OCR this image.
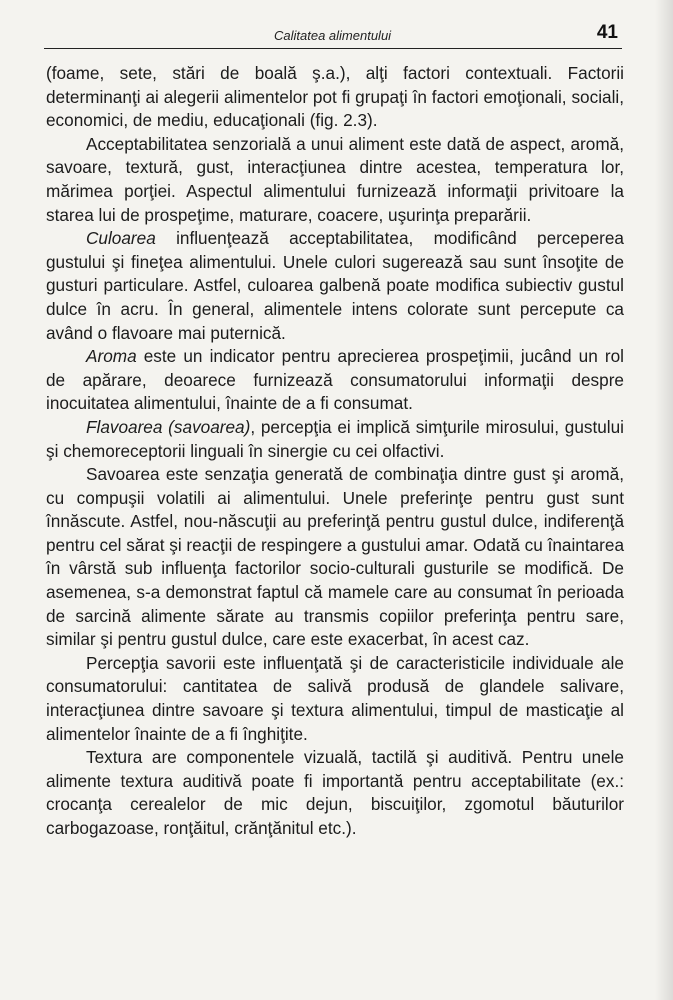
Calitatea alimentului	41

(foame, sete, stări de boală ş.a.), alţi factori contextuali. Factorii determinanţi ai alegerii alimentelor pot fi grupaţi în factori emoţionali, sociali, economici, de mediu, educaţionali (fig. 2.3).

Acceptabilitatea senzorială a unui aliment este dată de aspect, aromă, savoare, textură, gust, interacţiunea dintre acestea, temperatura lor, mărimea porţiei. Aspectul alimentului furnizează informaţii privitoare la starea lui de prospeţime, maturare, coacere, uşurinţa preparării.

Culoarea influenţează acceptabilitatea, modificând perceperea gustului şi fineţea alimentului. Unele culori sugerează sau sunt însoţite de gusturi particulare. Astfel, culoarea galbenă poate modifica subiectiv gustul dulce în acru. În general, alimentele intens colorate sunt percepute ca având o flavoare mai puternică.

Aroma este un indicator pentru aprecierea prospeţimii, jucând un rol de apărare, deoarece furnizează consumatorului informaţii despre inocuitatea alimentului, înainte de a fi consumat.

Flavoarea (savoarea), percepţia ei implică simţurile mirosului, gustului şi chemoreceptorii linguali în sinergie cu cei olfactivi.

Savoarea este senzaţia generată de combinaţia dintre gust şi aromă, cu compuşii volatili ai alimentului. Unele preferinţe pentru gust sunt înnăscute. Astfel, nou-născuţii au preferinţă pentru gustul dulce, indiferenţă pentru cel sărat şi reacţii de respingere a gustului amar. Odată cu înaintarea în vârstă sub influenţa factorilor socio-culturali gusturile se modifică. De asemenea, s-a demonstrat faptul că mamele care au consumat în perioada de sarcină alimente sărate au transmis copiilor preferinţa pentru sare, similar şi pentru gustul dulce, care este exacerbat, în acest caz.

Percepţia savorii este influenţată şi de caracteristicile individuale ale consumatorului: cantitatea de salivă produsă de glandele salivare, interacţiunea dintre savoare şi textura alimentului, timpul de masticaţie al alimentelor înainte de a fi înghiţite.

Textura are componentele vizuală, tactilă şi auditivă. Pentru unele alimente textura auditivă poate fi importantă pentru acceptabilitate (ex.: crocanţa cerealelor de mic dejun, biscuiţilor, zgomotul băuturilor carbogazoase, ronţăitul, crănţănitul etc.).
